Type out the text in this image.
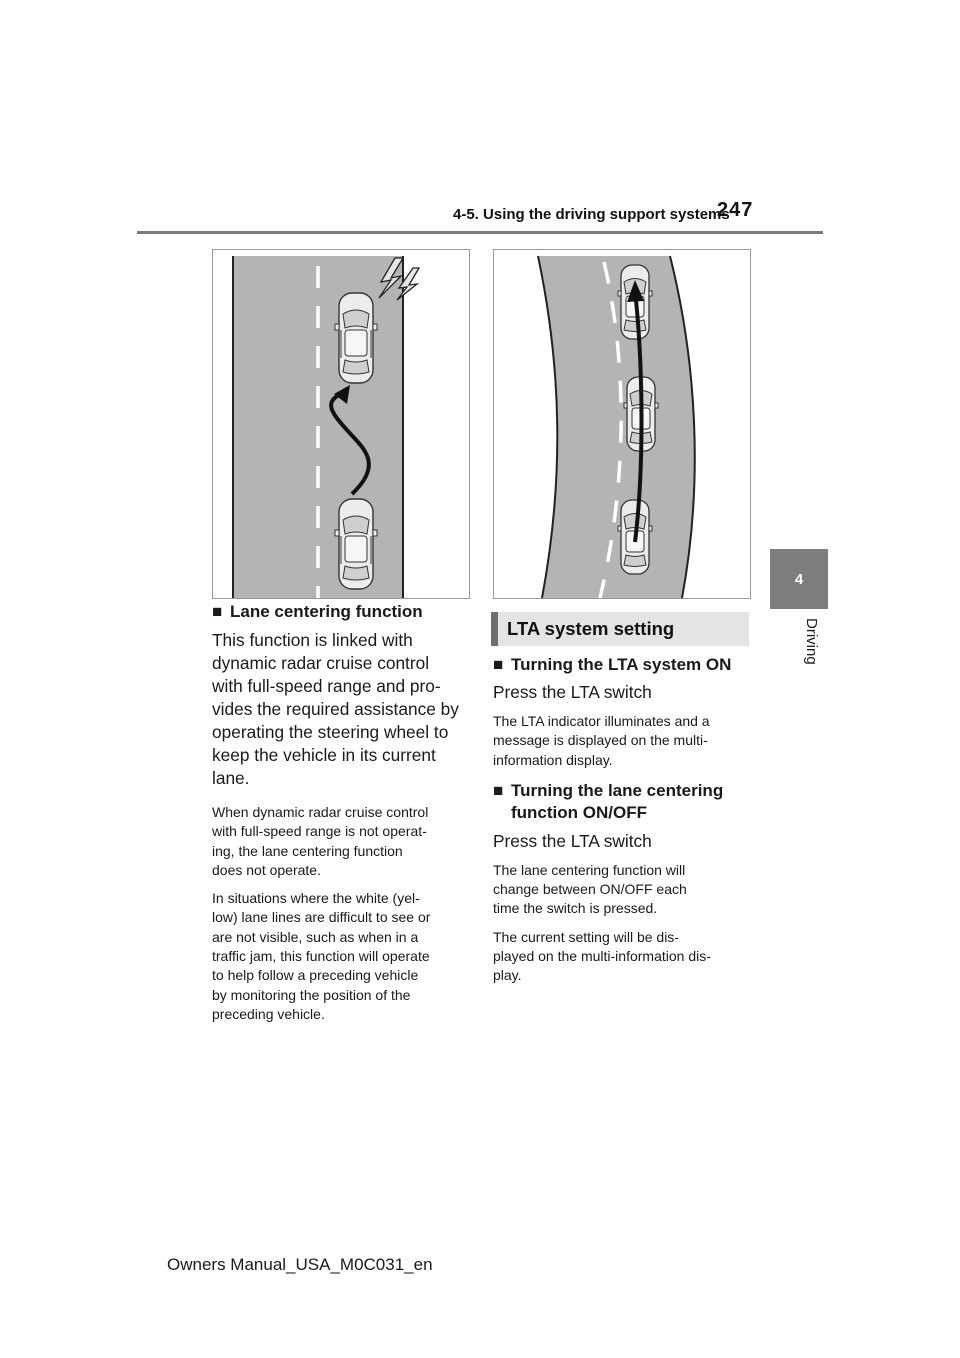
4-5. Using the driving support systems
247
4
Driving
■ Lane centering function
This function is linked with
dynamic radar cruise control
with full-speed range and pro-
vides the required assistance by
operating the steering wheel to
keep the vehicle in its current
lane.
When dynamic radar cruise control
with full-speed range is not operat-
ing, the lane centering function
does not operate.
In situations where the white (yel-
low) lane lines are difficult to see or
are not visible, such as when in a
traffic jam, this function will operate
to help follow a preceding vehicle
by monitoring the position of the
preceding vehicle.
LTA system setting
■ Turning the LTA system ON
Press the LTA switch
The LTA indicator illuminates and a
message is displayed on the multi-
information display.
■ Turning the lane centering
function ON/OFF
Press the LTA switch
The lane centering function will
change between ON/OFF each
time the switch is pressed.
The current setting will be dis-
played on the multi-information dis-
play.
Owners Manual_USA_M0C031_en
